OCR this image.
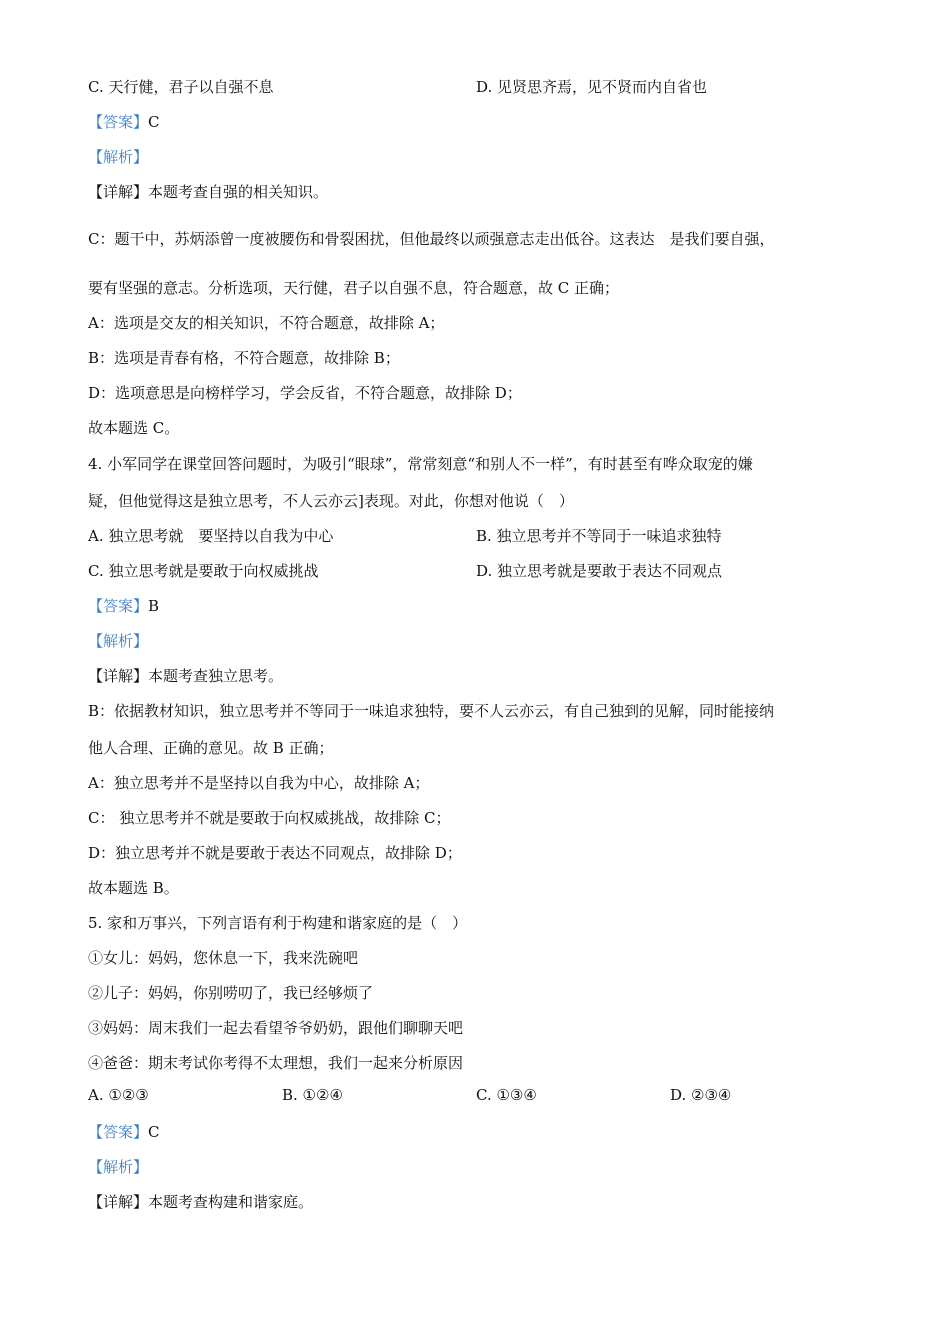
C. 天行健，君子以自强不息	D. 见贤思齐焉，见不贤而内自省也
【答案】C
【解析】
【详解】本题考查自强的相关知识。
C：题干中，苏炳添曾一度被腰伤和骨裂困扰，但他最终以顽强意志走出低谷。这表达　是我们要自强，
要有坚强的意志。分析选项，天行健，君子以自强不息，符合题意，故 C 正确；
A：选项是交友的相关知识，不符合题意，故排除 A；
B：选项是青春有格，不符合题意，故排除 B；
D：选项意思是向榜样学习，学会反省，不符合题意，故排除 D；
故本题选 C。
4. 小军同学在课堂回答问题时，为吸引“眼球”，常常刻意“和别人不一样”，有时甚至有哗众取宠的嫌
疑，但他觉得这是独立思考，不人云亦云]表现。对此，你想对他说（　）
A. 独立思考就　要坚持以自我为中心	B. 独立思考并不等同于一味追求独特
C. 独立思考就是要敢于向权威挑战	D. 独立思考就是要敢于表达不同观点
【答案】B
【解析】
【详解】本题考查独立思考。
B：依据教材知识，独立思考并不等同于一味追求独特，要不人云亦云，有自己独到的见解，同时能接纳
他人合理、正确的意见。故 B 正确；
A：独立思考并不是坚持以自我为中心，故排除 A；
C： 独立思考并不就是要敢于向权威挑战，故排除 C；
D：独立思考并不就是要敢于表达不同观点，故排除 D；
故本题选 B。
5. 家和万事兴，下列言语有利于构建和谐家庭的是（　）
①女儿：妈妈，您休息一下，我来洗碗吧
②儿子：妈妈，你别唠叨了，我已经够烦了
③妈妈：周末我们一起去看望爷爷奶奶，跟他们聊聊天吧
④爸爸：期末考试你考得不太理想，我们一起来分析原因
A. ①②③	B. ①②④	C. ①③④	D. ②③④
【答案】C
【解析】
【详解】本题考查构建和谐家庭。
